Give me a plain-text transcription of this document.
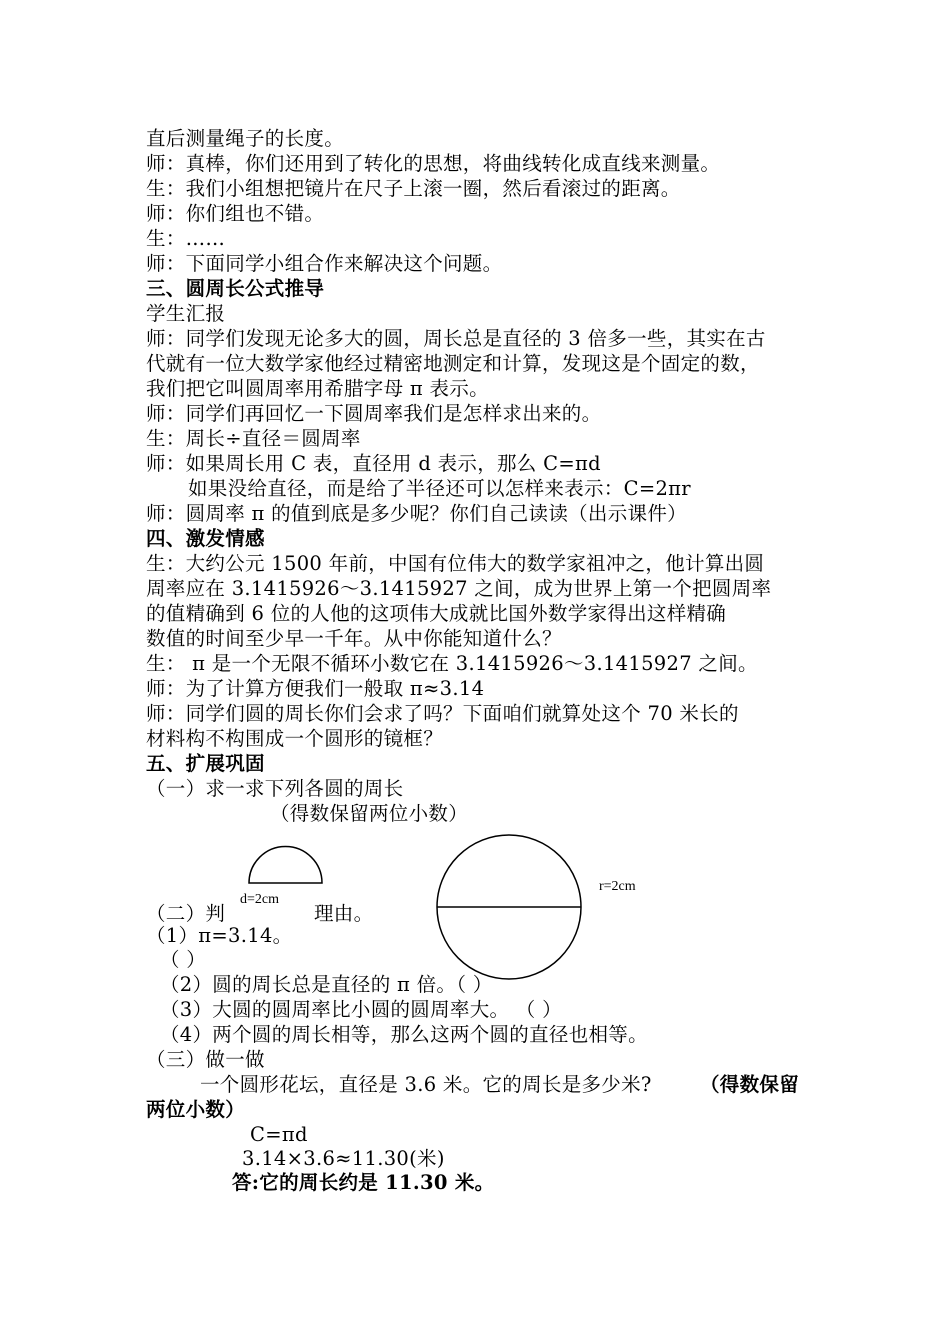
直后测量绳子的长度。
师：真棒，你们还用到了转化的思想，将曲线转化成直线来测量。
生：我们小组想把镜片在尺子上滚一圈，然后看滚过的距离。
师：你们组也不错。
生：……
师：下面同学小组合作来解决这个问题。
三、圆周长公式推导
学生汇报
师：同学们发现无论多大的圆，周长总是直径的 3 倍多一些，其实在古
代就有一位大数学家他经过精密地测定和计算，发现这是个固定的数，
我们把它叫圆周率用希腊字母 π 表示。
师：同学们再回忆一下圆周率我们是怎样求出来的。
生：周长÷直径＝圆周率
师：如果周长用 C 表，直径用 d 表示，那么 C=πd
如果没给直径，而是给了半径还可以怎样来表示：C=2πr
师：圆周率 π 的值到底是多少呢？你们自己读读（出示课件）
四、激发情感
生：大约公元 1500 年前，中国有位伟大的数学家祖冲之，他计算出圆
周率应在 3.1415926～3.1415927 之间，成为世界上第一个把圆周率
的值精确到 6 位的人他的这项伟大成就比国外数学家得出这样精确
数值的时间至少早一千年。从中你能知道什么？
生： π 是一个无限不循环小数它在 3.1415926～3.1415927 之间。
师：为了计算方便我们一般取 π≈3.14
师：同学们圆的周长你们会求了吗？下面咱们就算处这个 70 米长的
材料构不构围成一个圆形的镜框？
五、扩展巩固
（一）求一求下列各圆的周长
（得数保留两位小数）
d=2cm
r=2cm
（二）判	理由。
（1）π=3.14。
（ ）
（2）圆的周长总是直径的 π 倍。（ ）
（3）大圆的圆周率比小圆的圆周率大。 （ ）
（4）两个圆的周长相等，那么这两个圆的直径也相等。
（三）做一做
一个圆形花坛，直径是 3.6 米。它的周长是多少米? （得数保留
两位小数）
C=πd
3.14×3.6≈11.30(米)
答:它的周长约是 11.30 米。
